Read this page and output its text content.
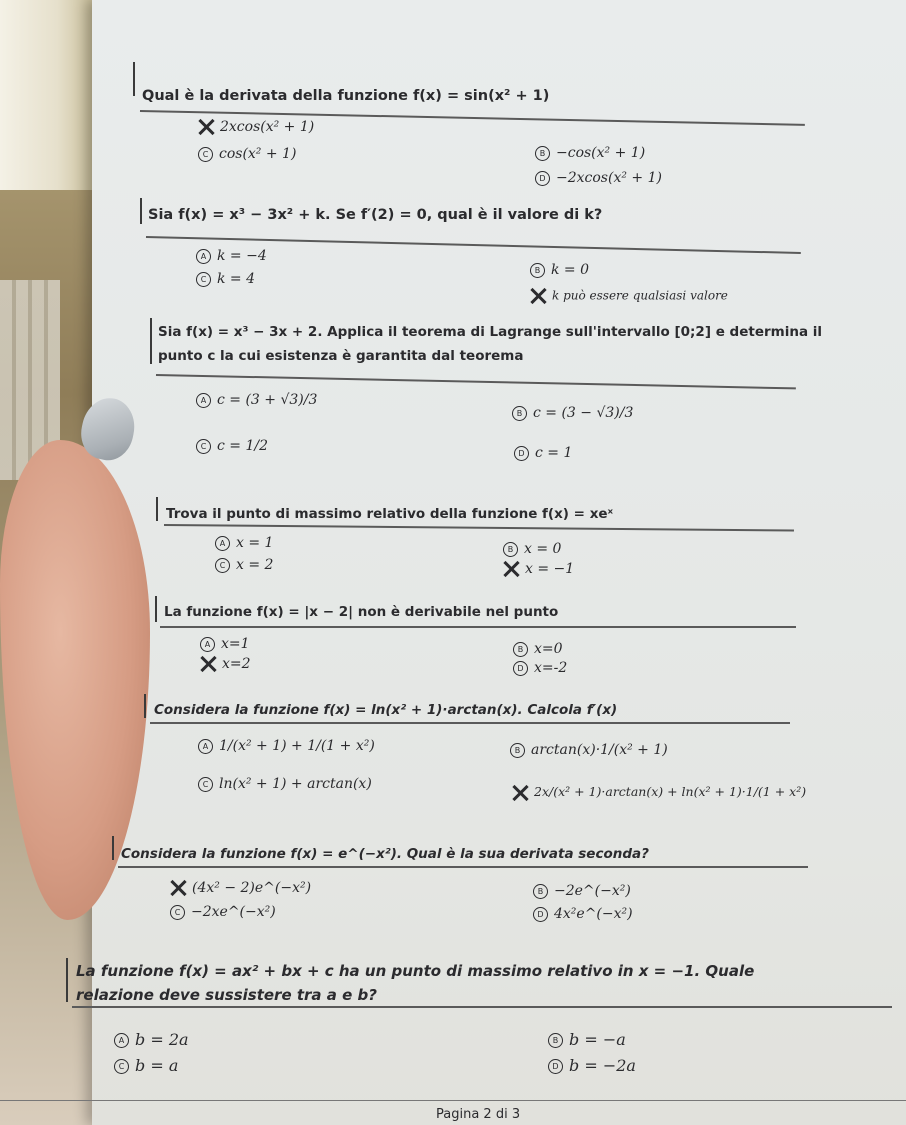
Qual è la derivata della funzione f(x) = sin(x² + 1)
2xcos(x² + 1)
C cos(x² + 1)	B −cos(x² + 1)
D −2xcos(x² + 1)
Sia f(x) = x³ − 3x² + k. Se f′(2) = 0, qual è il valore di k?
A k = −4
C k = 4
B k = 0
k può essere qualsiasi valore
Sia f(x) = x³ − 3x + 2. Applica il teorema di Lagrange sull'intervallo [0;2] e determina il
punto c la cui esistenza è garantita dal teorema
A c = (3 + √3)/3
C c = 1/2
B c = (3 − √3)/3
D c = 1
Trova il punto di massimo relativo della funzione f(x) = xeˣ
A x = 1
C x = 2
B x = 0
x = −1
La funzione f(x) = |x − 2| non è derivabile nel punto
A x=1
x=2
B x=0
D x=-2
Considera la funzione f(x) = ln(x² + 1)·arctan(x). Calcola f′(x)
A 1/(x² + 1) + 1/(1 + x²)
C ln(x² + 1) + arctan(x)
B arctan(x)·1/(x² + 1)
2x/(x² + 1)·arctan(x) + ln(x² + 1)·1/(1 + x²)
Considera la funzione f(x) = e^(−x²). Qual è la sua derivata seconda?
(4x² − 2)e^(−x²)
C −2xe^(−x²)
B −2e^(−x²)
D 4x²e^(−x²)
La funzione f(x) = ax² + bx + c ha un punto di massimo relativo in x = −1. Quale
relazione deve sussistere tra a e b?
A b = 2a
C b = a
B b = −a
D b = −2a
Pagina 2 di 3
